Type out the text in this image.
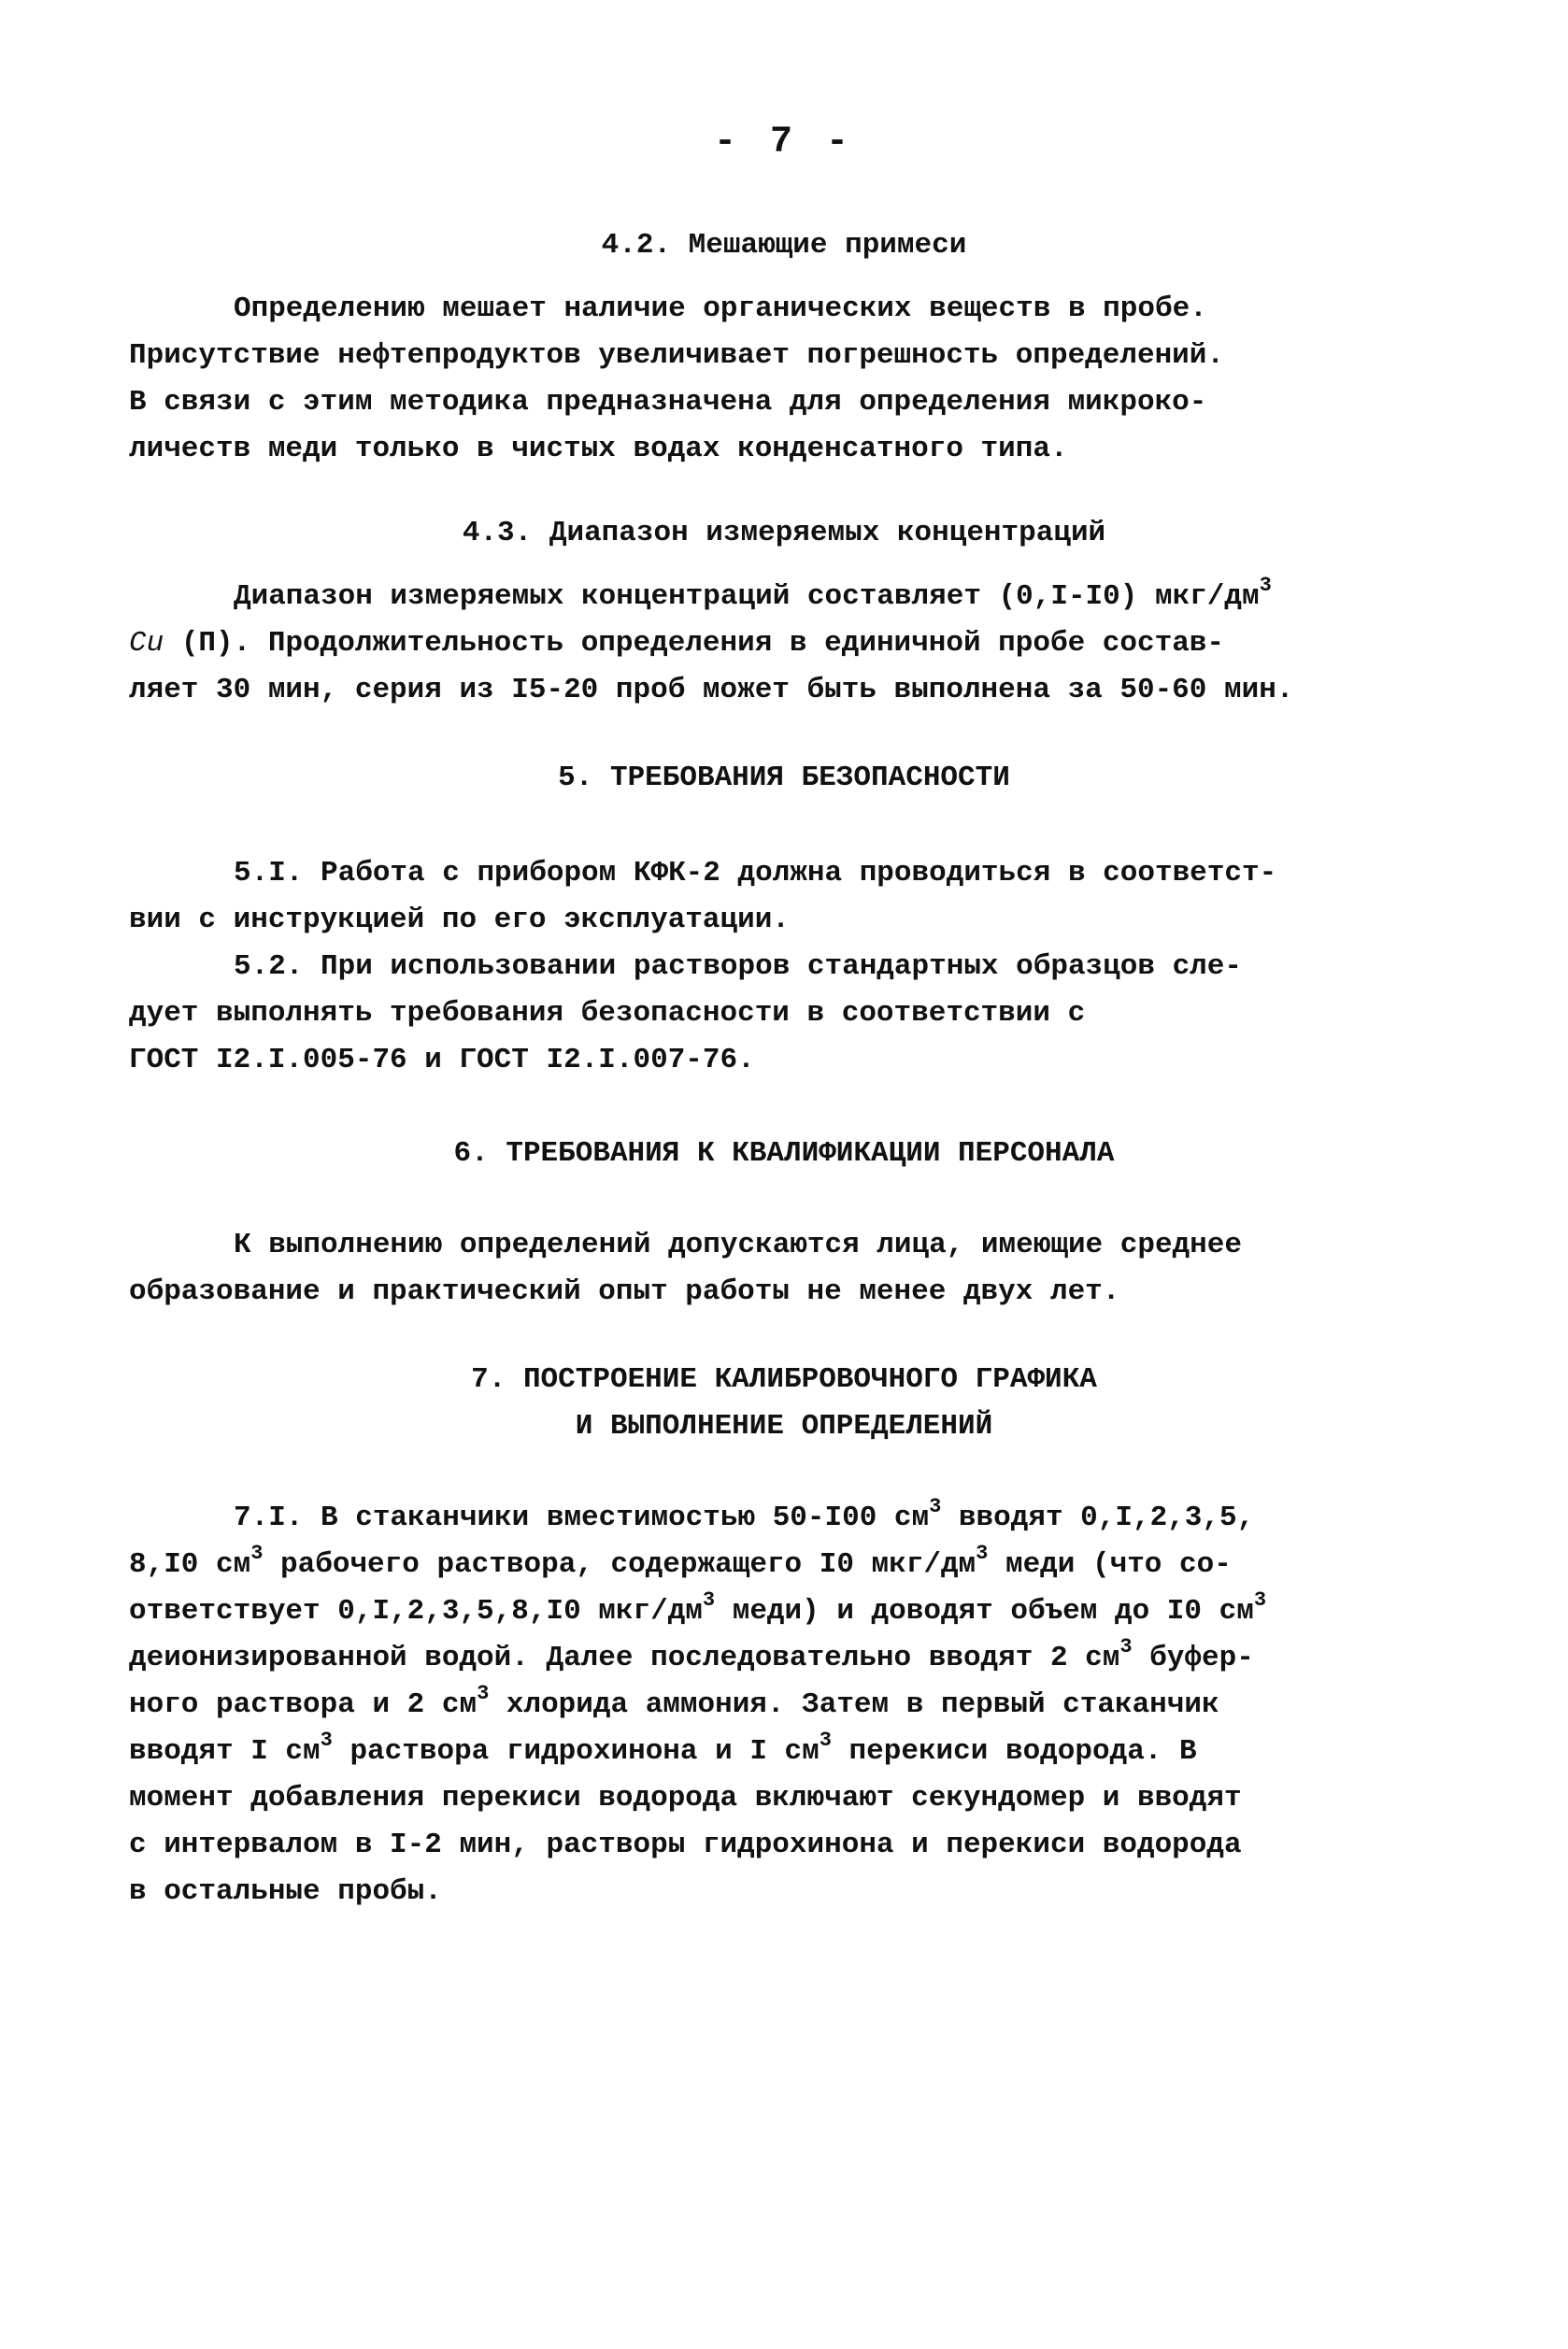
- 7 -
4.2. Мешающие примеси
Определению мешает наличие органических веществ в пробе.
Присутствие нефтепродуктов увеличивает погрешность определений.
В связи с этим методика предназначена для определения микроко-
личеств меди только в чистых водах конденсатного типа.
4.3. Диапазон измеряемых концентраций
Диапазон измеряемых концентраций составляет (0,I-I0) мкг/$дм^3$
Cu (П). Продолжительность определения в единичной пробе состав-
ляет 30 мин, серия из I5-20 проб может быть выполнена за 50-60 мин.
5. ТРЕБОВАНИЯ БЕЗОПАСНОСТИ
5.I. Работа с прибором КФК-2 должна проводиться в соответст-
вии с инструкцией по его эксплуатации.
5.2. При использовании растворов стандартных образцов сле-
дует выполнять требования безопасности в соответствии с
ГОСТ I2.I.005-76 и ГОСТ I2.I.007-76.
6. ТРЕБОВАНИЯ К КВАЛИФИКАЦИИ ПЕРСОНАЛА
К выполнению определений допускаются лица, имеющие среднее
образование и практический опыт работы не менее двух лет.
7. ПОСТРОЕНИЕ КАЛИБРОВОЧНОГО ГРАФИКА
И ВЫПОЛНЕНИЕ ОПРЕДЕЛЕНИЙ
7.I. В стаканчики вместимостью 50-I00 $см^3$ вводят 0,I,2,3,5,
8,I0 $см^3$ рабочего раствора, содержащего I0 мкг/$дм^3$ меди (что со-
ответствует 0,I,2,3,5,8,I0 мкг/$дм^3$ меди) и доводят объем до I0 $см^3$
деионизированной водой. Далее последовательно вводят 2 $см^3$ буфер-
ного раствора и 2 $см^3$ хлорида аммония. Затем в первый стаканчик
вводят I $см^3$ раствора гидрохинона и I $см^3$ перекиси водорода. В
момент добавления перекиси водорода включают секундомер и вводят
с интервалом в I-2 мин, растворы гидрохинона и перекиси водорода
в остальные пробы.
